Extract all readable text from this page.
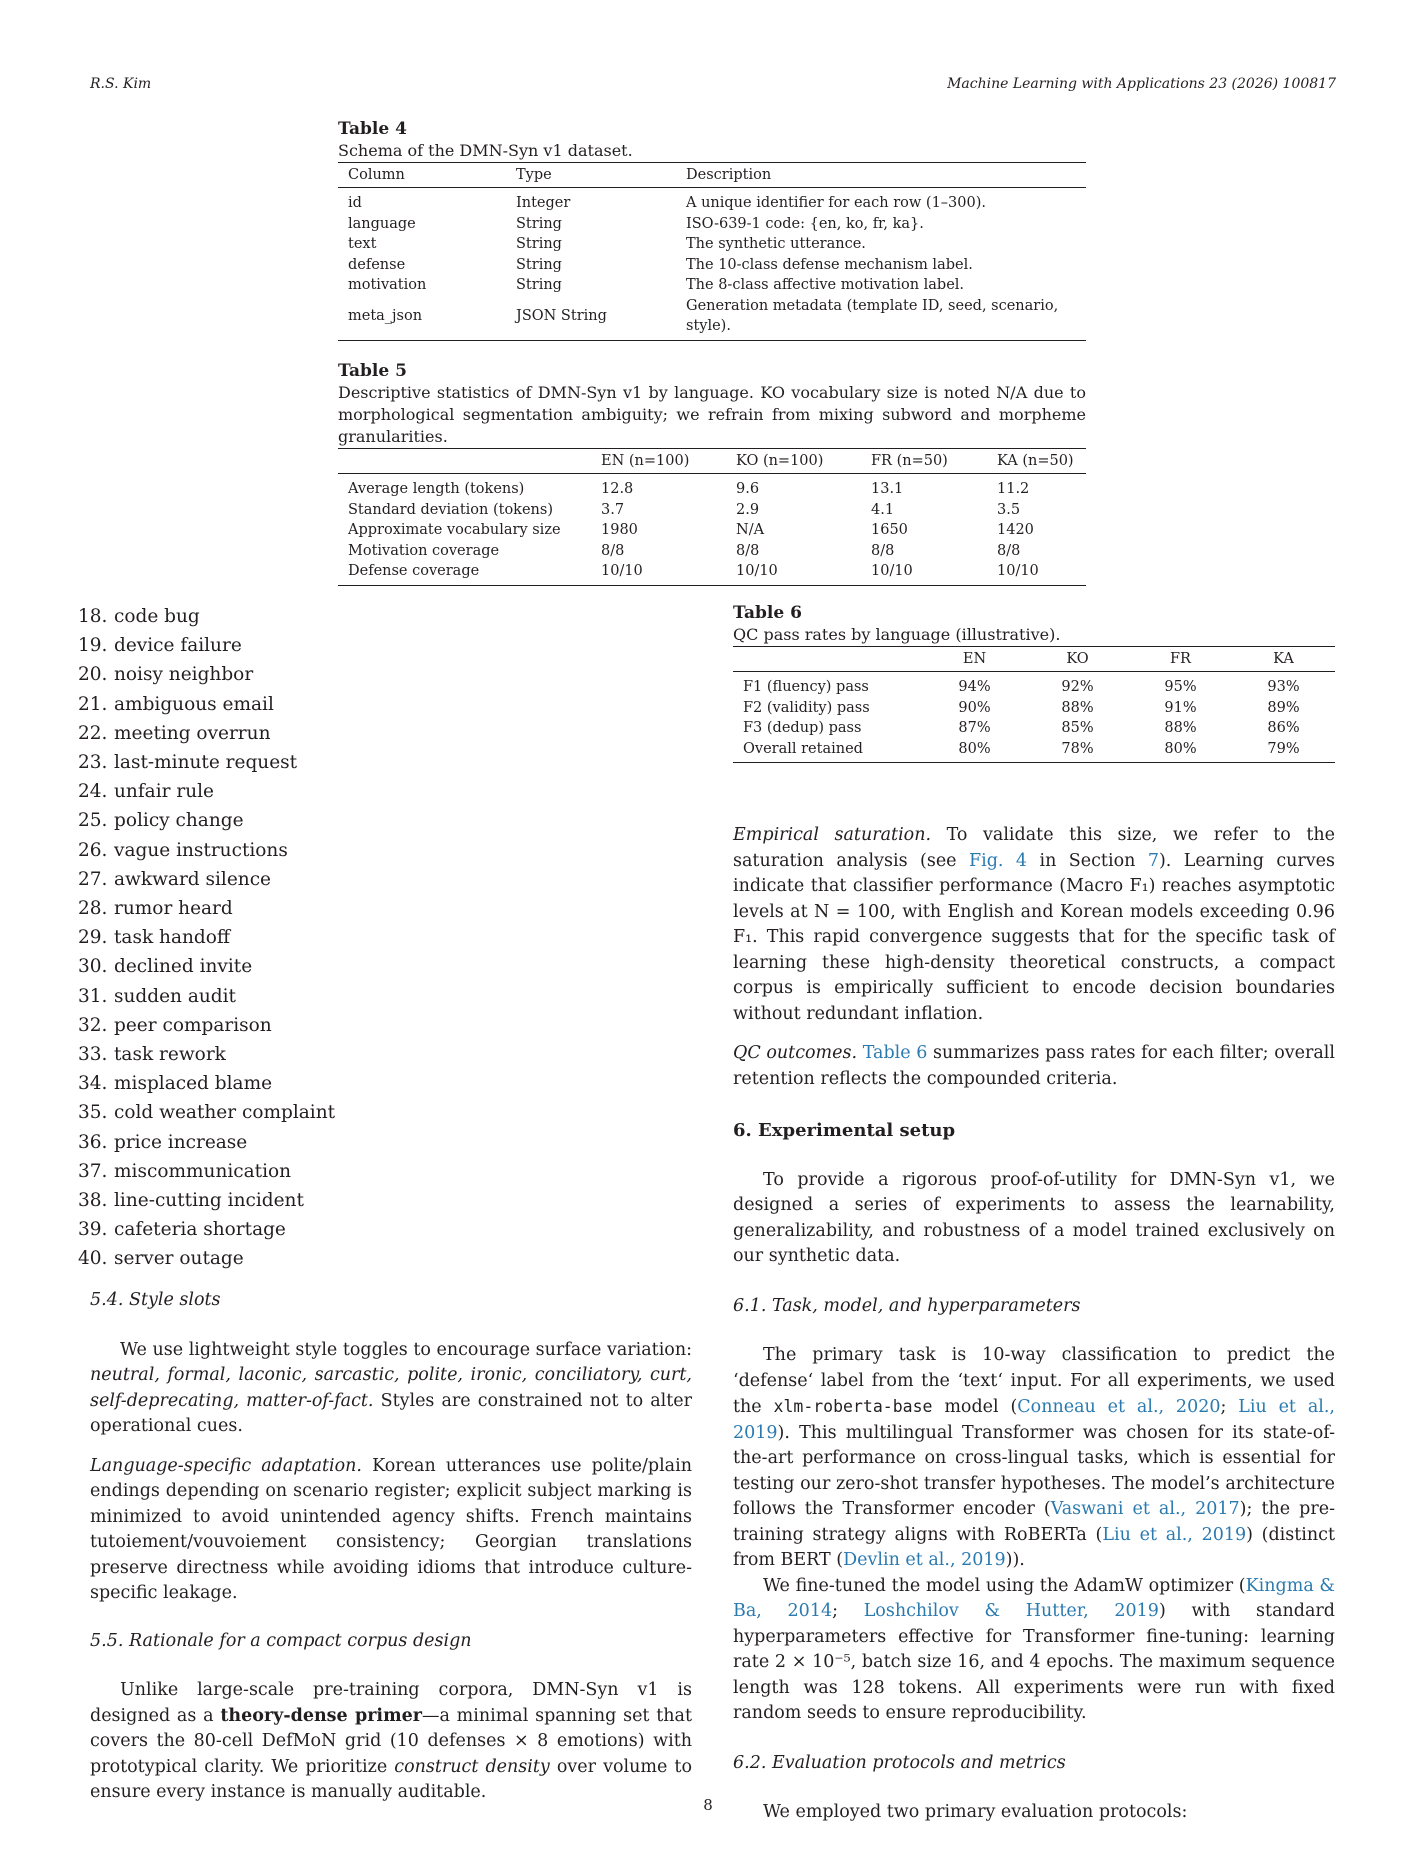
R.S. Kim	Machine Learning with Applications 23 (2026) 100817
Table 4
Schema of the DMN-Syn v1 dataset.
Column	Type	Description
id	Integer	A unique identifier for each row (1–300).
language	String	ISO-639-1 code: {en, ko, fr, ka}.
text	String	The synthetic utterance.
defense	String	The 10-class defense mechanism label.
motivation	String	The 8-class affective motivation label.
meta_json	JSON String	Generation metadata (template ID, seed, scenario, style).
Table 5
Descriptive statistics of DMN-Syn v1 by language. KO vocabulary size is noted N/A due to morphological segmentation ambiguity; we refrain from mixing subword and morpheme granularities.
	EN (n=100)	KO (n=100)	FR (n=50)	KA (n=50)
Average length (tokens)	12.8	9.6	13.1	11.2
Standard deviation (tokens)	3.7	2.9	4.1	3.5
Approximate vocabulary size	1980	N/A	1650	1420
Motivation coverage	8/8	8/8	8/8	8/8
Defense coverage	10/10	10/10	10/10	10/10
Table 6
QC pass rates by language (illustrative).
	EN	KO	FR	KA
F1 (fluency) pass	94%	92%	95%	93%
F2 (validity) pass	90%	88%	91%	89%
F3 (dedup) pass	87%	85%	88%	86%
Overall retained	80%	78%	80%	79%
18. code bug
19. device failure
20. noisy neighbor
21. ambiguous email
22. meeting overrun
23. last-minute request
24. unfair rule
25. policy change
26. vague instructions
27. awkward silence
28. rumor heard
29. task handoff
30. declined invite
31. sudden audit
32. peer comparison
33. task rework
34. misplaced blame
35. cold weather complaint
36. price increase
37. miscommunication
38. line-cutting incident
39. cafeteria shortage
40. server outage
5.4. Style slots

We use lightweight style toggles to encourage surface variation: neutral, formal, laconic, sarcastic, polite, ironic, conciliatory, curt, self-deprecating, matter-of-fact. Styles are constrained not to alter operational cues.

Language-specific adaptation. Korean utterances use polite/plain endings depending on scenario register; explicit subject marking is minimized to avoid unintended agency shifts. French maintains tutoiement/vouvoiement consistency; Georgian translations preserve directness while avoiding idioms that introduce culture-specific leakage.

5.5. Rationale for a compact corpus design

Unlike large-scale pre-training corpora, DMN-Syn v1 is designed as a theory-dense primer—a minimal spanning set that covers the 80-cell DefMoN grid (10 defenses × 8 emotions) with prototypical clarity. We prioritize construct density over volume to ensure every instance is manually auditable.

Empirical saturation. To validate this size, we refer to the saturation analysis (see Fig. 4 in Section 7). Learning curves indicate that classifier performance (Macro F₁) reaches asymptotic levels at N = 100, with English and Korean models exceeding 0.96 F₁. This rapid convergence suggests that for the specific task of learning these high-density theoretical constructs, a compact corpus is empirically sufficient to encode decision boundaries without redundant inflation.

QC outcomes. Table 6 summarizes pass rates for each filter; overall retention reflects the compounded criteria.

6. Experimental setup

To provide a rigorous proof-of-utility for DMN-Syn v1, we designed a series of experiments to assess the learnability, generalizability, and robustness of a model trained exclusively on our synthetic data.

6.1. Task, model, and hyperparameters

The primary task is 10-way classification to predict the ‘defense‘ label from the ‘text‘ input. For all experiments, we used the xlm-roberta-base model (Conneau et al., 2020; Liu et al., 2019). This multilingual Transformer was chosen for its state-of-the-art performance on cross-lingual tasks, which is essential for testing our zero-shot transfer hypotheses. The model’s architecture follows the Transformer encoder (Vaswani et al., 2017); the pre-training strategy aligns with RoBERTa (Liu et al., 2019) (distinct from BERT (Devlin et al., 2019)).

We fine-tuned the model using the AdamW optimizer (Kingma & Ba, 2014; Loshchilov & Hutter, 2019) with standard hyperparameters effective for Transformer fine-tuning: learning rate 2 × 10⁻⁵, batch size 16, and 4 epochs. The maximum sequence length was 128 tokens. All experiments were run with fixed random seeds to ensure reproducibility.

6.2. Evaluation protocols and metrics

We employed two primary evaluation protocols:

8
